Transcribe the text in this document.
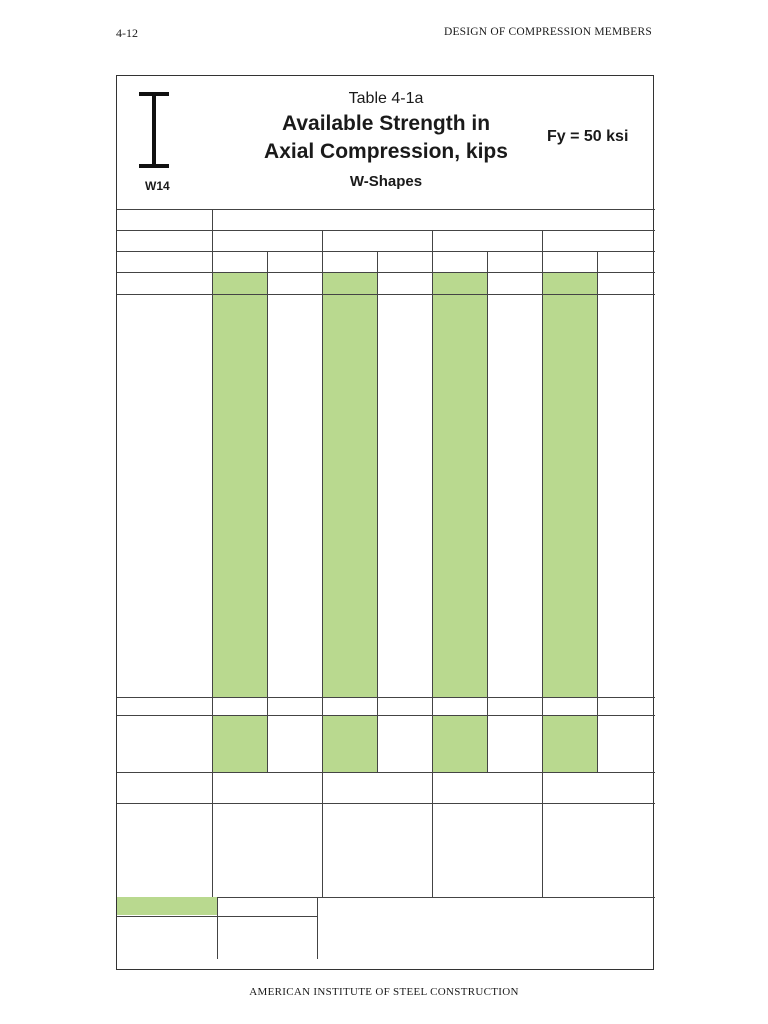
4-12	DESIGN OF COMPRESSION MEMBERS
W14
Table 4-1a
Available Strength in
Axial Compression, kips
W-Shapes
Fy = 50 ksi
AMERICAN INSTITUTE OF STEEL CONSTRUCTION
